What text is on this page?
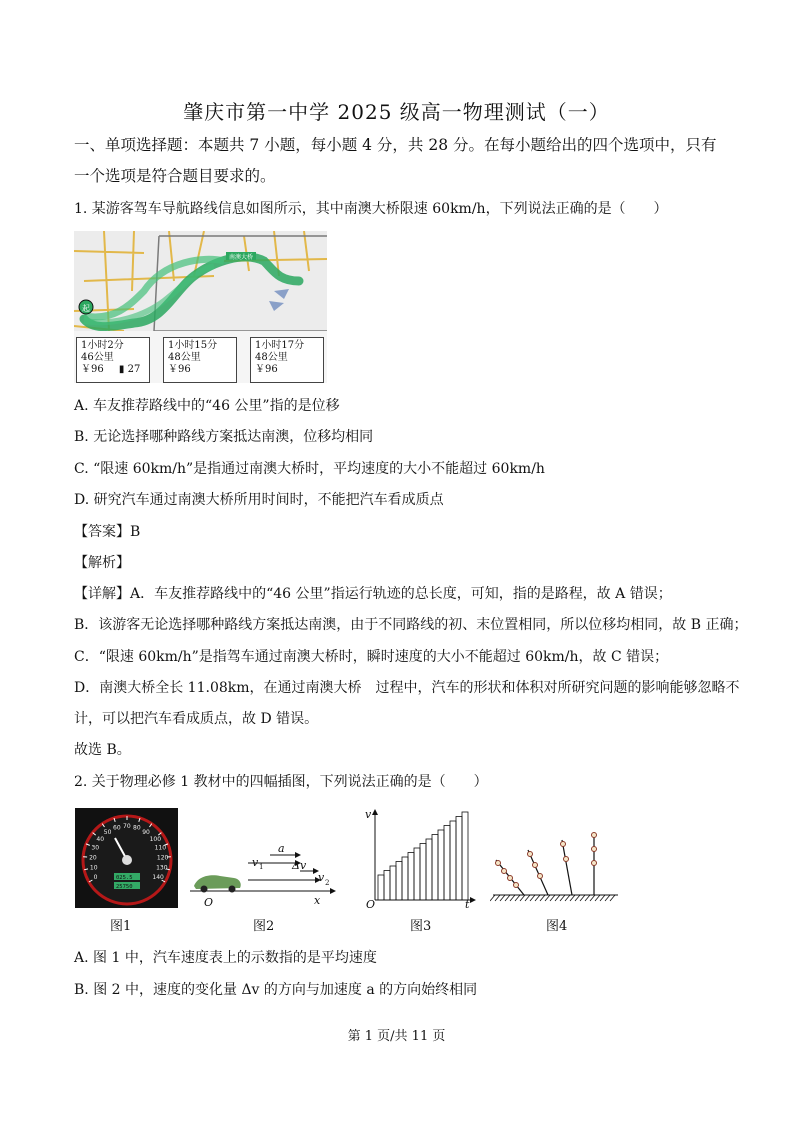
肇庆市第一中学 2025 级高一物理测试（一）
一、单项选择题：本题共 7 小题，每小题 4 分，共 28 分。在每小题给出的四个选项中，只有
一个选项是符合题目要求的。
1. 某游客驾车导航路线信息如图所示，其中南澳大桥限速 60km/h，下列说法正确的是（　　）
南澳大桥
起
1小时2分
46公里
￥96 ▮ 27
1小时15分
48公里
￥96
1小时17分
48公里
￥96
A. 车友推荐路线中的“46 公里”指的是位移
B. 无论选择哪种路线方案抵达南澳，位移均相同
C. “限速 60km/h”是指通过南澳大桥时，平均速度的大小不能超过 60km/h
D. 研究汽车通过南澳大桥所用时间时，不能把汽车看成质点
【答案】B
【解析】
【详解】A．车友推荐路线中的“46 公里”指运行轨迹的总长度，可知，指的是路程，故 A 错误；
B．该游客无论选择哪种路线方案抵达南澳，由于不同路线的初、末位置相同，所以位移均相同，故 B 正确；
C．“限速 60km/h”是指驾车通过南澳大桥时，瞬时速度的大小不能超过 60km/h，故 C 错误；
D．南澳大桥全长 11.08km，在通过南澳大桥　过程中，汽车的形状和体积对所研究问题的影响能够忽略不
计，可以把汽车看成质点，故 D 错误。
故选 B。
2. 关于物理必修 1 教材中的四幅插图，下列说法正确的是（　　）
0
10
20
30
40
50
60 70 80
90
100
110
120
130
140
025.5
25750
图1
a
v 1	Δv
v 2
O	x
图2
v
O	t
图3	图4
A. 图 1 中，汽车速度表上的示数指的是平均速度
B. 图 2 中，速度的变化量 Δv 的方向与加速度 a 的方向始终相同
第 1 页/共 11 页
